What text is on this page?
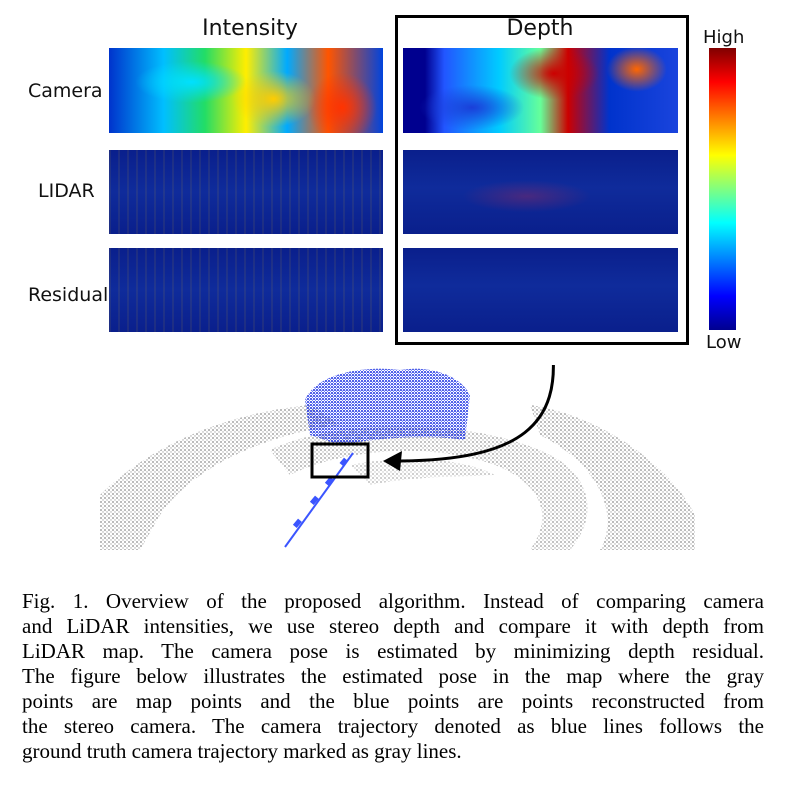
Intensity	Depth
Camera
LIDAR
Residual
High
Low
Fig. 1. Overview of the proposed algorithm. Instead of comparing camera
and LiDAR intensities, we use stereo depth and compare it with depth from
LiDAR map. The camera pose is estimated by minimizing depth residual.
The figure below illustrates the estimated pose in the map where the gray
points are map points and the blue points are points reconstructed from
the stereo camera. The camera trajectory denoted as blue lines follows the
ground truth camera trajectory marked as gray lines.
